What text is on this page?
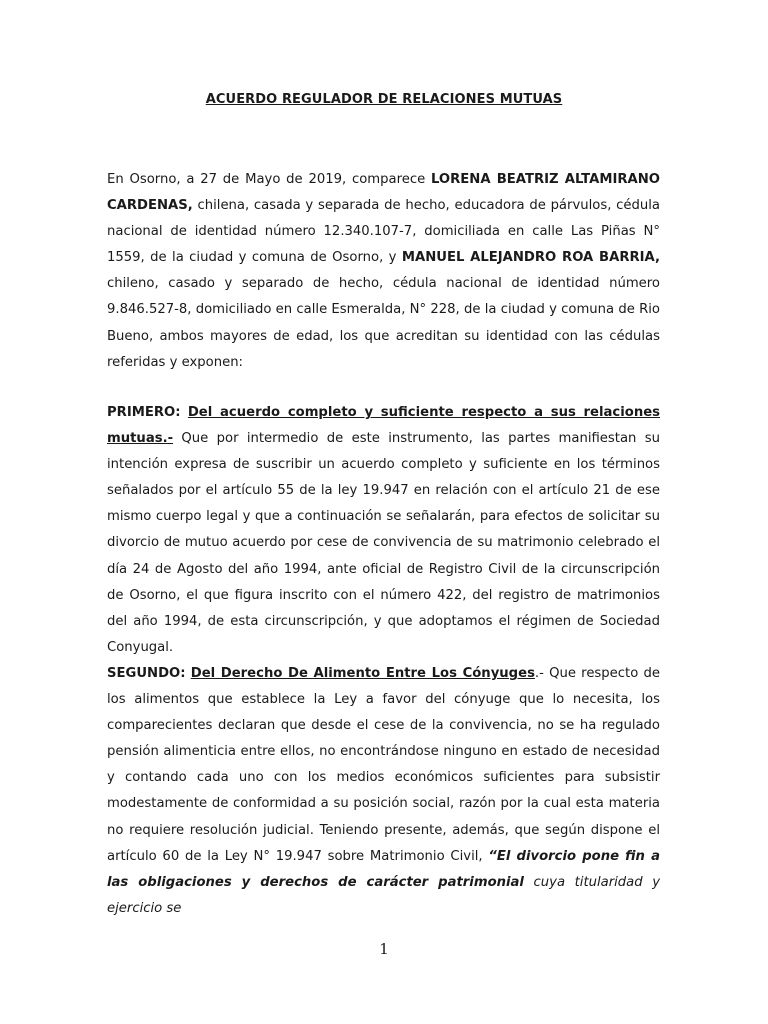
ACUERDO REGULADOR DE RELACIONES MUTUAS

En Osorno, a 27 de Mayo de 2019, comparece LORENA BEATRIZ ALTAMIRANO CARDENAS, chilena, casada y separada de hecho, educadora de párvulos, cédula nacional de identidad número 12.340.107-7, domiciliada en calle Las Piñas N° 1559, de la ciudad y comuna de Osorno, y MANUEL ALEJANDRO ROA BARRIA, chileno, casado y separado de hecho, cédula nacional de identidad número 9.846.527-8, domiciliado en calle Esmeralda, N° 228, de la ciudad y comuna de Rio Bueno, ambos mayores de edad, los que acreditan su identidad con las cédulas referidas y exponen:

PRIMERO: Del acuerdo completo y suficiente respecto a sus relaciones mutuas.- Que por intermedio de este instrumento, las partes manifiestan su intención expresa de suscribir un acuerdo completo y suficiente en los términos señalados por el artículo 55 de la ley 19.947 en relación con el artículo 21 de ese mismo cuerpo legal y que a continuación se señalarán, para efectos de solicitar su divorcio de mutuo acuerdo por cese de convivencia de su matrimonio celebrado el día 24 de Agosto del año 1994, ante oficial de Registro Civil de la circunscripción de Osorno, el que figura inscrito con el número 422, del registro de matrimonios del año 1994, de esta circunscripción, y que adoptamos el régimen de Sociedad Conyugal.

SEGUNDO: Del Derecho De Alimento Entre Los Cónyuges.- Que respecto de los alimentos que establece la Ley a favor del cónyuge que lo necesita, los comparecientes declaran que desde el cese de la convivencia, no se ha regulado pensión alimenticia entre ellos, no encontrándose ninguno en estado de necesidad y contando cada uno con los medios económicos suficientes para subsistir modestamente de conformidad a su posición social, razón por la cual esta materia no requiere resolución judicial. Teniendo presente, además, que según dispone el artículo 60 de la Ley N° 19.947 sobre Matrimonio Civil, “El divorcio pone fin a las obligaciones y derechos de carácter patrimonial cuya titularidad y ejercicio se

1
